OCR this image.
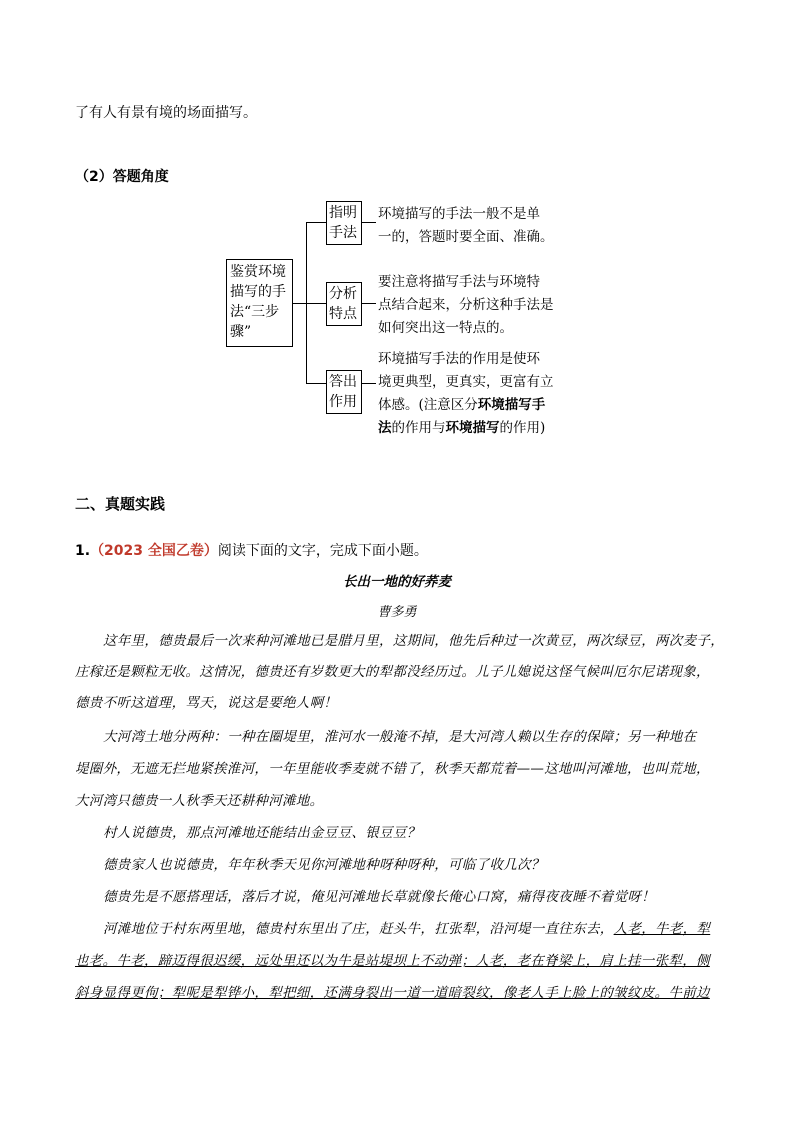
了有人有景有境的场面描写。
（2）答题角度
鉴赏环境
描写的手
法“三步
骤”
指明
手法
分析
特点
答出
作用
环境描写的手法一般不是单
一的，答题时要全面、准确。
要注意将描写手法与环境特
点结合起来，分析这种手法是
如何突出这一特点的。
环境描写手法的作用是使环
境更典型，更真实，更富有立
体感。(注意区分环境描写手
法的作用与环境描写的作用)
二、真题实践
1.（2023 全国乙卷）阅读下面的文字，完成下面小题。
长出一地的好荞麦
曹多勇
这年里，德贵最后一次来种河滩地已是腊月里，这期间，他先后种过一次黄豆，两次绿豆，两次麦子，
庄稼还是颗粒无收。这情况，德贵还有岁数更大的犁都没经历过。儿子儿媳说这怪气候叫厄尔尼诺现象，
德贵不听这道理，骂天，说这是要绝人啊！
大河湾土地分两种：一种在圈堤里，淮河水一般淹不掉，是大河湾人赖以生存的保障；另一种地在
堤圈外，无遮无拦地紧挨淮河，一年里能收季麦就不错了，秋季天都荒着——这地叫河滩地，也叫荒地，
大河湾只德贵一人秋季天还耕种河滩地。
村人说德贵，那点河滩地还能结出金豆豆、银豆豆？
德贵家人也说德贵，年年秋季天见你河滩地种呀种呀种，可临了收几次？
德贵先是不愿搭理话，落后才说，俺见河滩地长草就像长俺心口窝，痛得夜夜睡不着觉呀！
河滩地位于村东两里地，德贵村东里出了庄，赶头牛，扛张犁，沿河堤一直往东去，人老，牛老，犁
也老。牛老，蹄迈得很迟缓，远处里还以为牛是站堤坝上不动弹；人老，老在脊梁上，肩上挂一张犁，侧
斜身显得更佝；犁呢是犁铧小，犁把细，还满身裂出一道一道暗裂纹，像老人手上脸上的皱纹皮。牛前边
